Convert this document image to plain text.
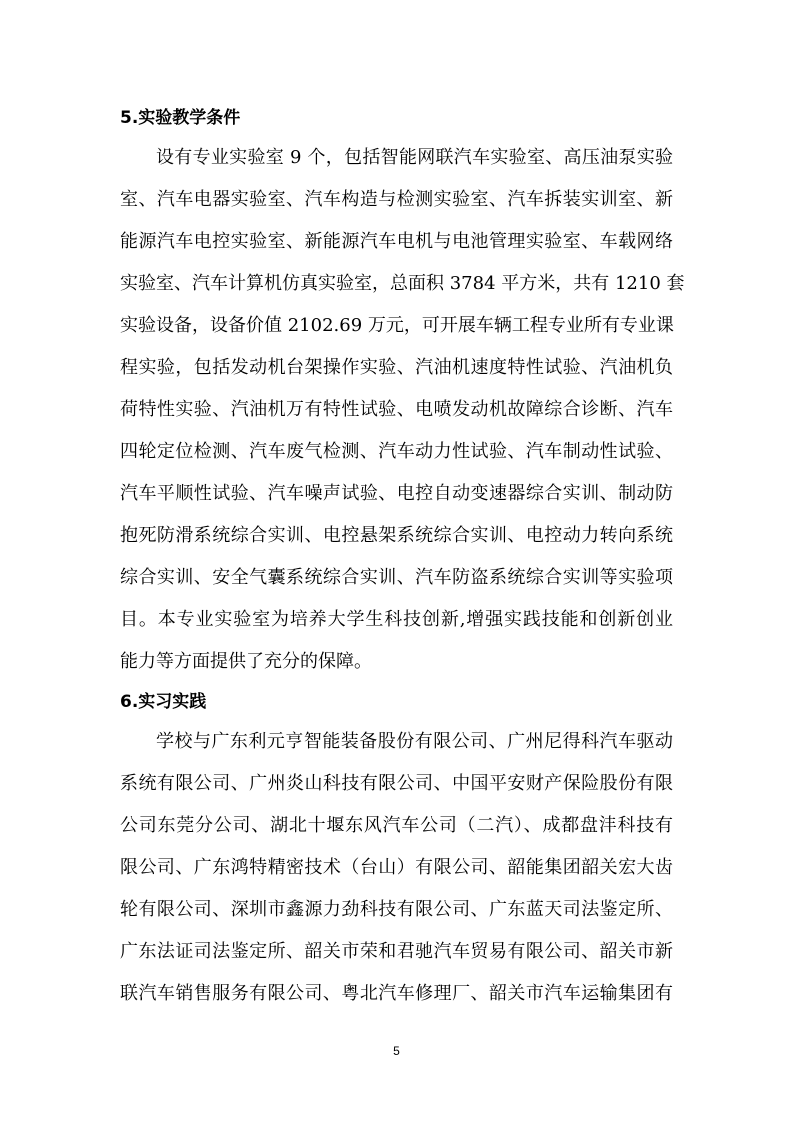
5.实验教学条件
设有专业实验室 9 个，包括智能网联汽车实验室、高压油泵实验
室、汽车电器实验室、汽车构造与检测实验室、汽车拆装实训室、新
能源汽车电控实验室、新能源汽车电机与电池管理实验室、车载网络
实验室、汽车计算机仿真实验室，总面积 3784 平方米，共有 1210 套
实验设备，设备价值 2102.69 万元，可开展车辆工程专业所有专业课
程实验，包括发动机台架操作实验、汽油机速度特性试验、汽油机负
荷特性实验、汽油机万有特性试验、电喷发动机故障综合诊断、汽车
四轮定位检测、汽车废气检测、汽车动力性试验、汽车制动性试验、
汽车平顺性试验、汽车噪声试验、电控自动变速器综合实训、制动防
抱死防滑系统综合实训、电控悬架系统综合实训、电控动力转向系统
综合实训、安全气囊系统综合实训、汽车防盗系统综合实训等实验项
目。本专业实验室为培养大学生科技创新,增强实践技能和创新创业
能力等方面提供了充分的保障。
6.实习实践
学校与广东利元亨智能装备股份有限公司、广州尼得科汽车驱动
系统有限公司、广州炎山科技有限公司、中国平安财产保险股份有限
公司东莞分公司、湖北十堰东风汽车公司（二汽）、成都盘沣科技有
限公司、广东鸿特精密技术（台山）有限公司、韶能集团韶关宏大齿
轮有限公司、深圳市鑫源力劲科技有限公司、广东蓝天司法鉴定所、
广东法证司法鉴定所、韶关市荣和君驰汽车贸易有限公司、韶关市新
联汽车销售服务有限公司、粤北汽车修理厂、韶关市汽车运输集团有
5
